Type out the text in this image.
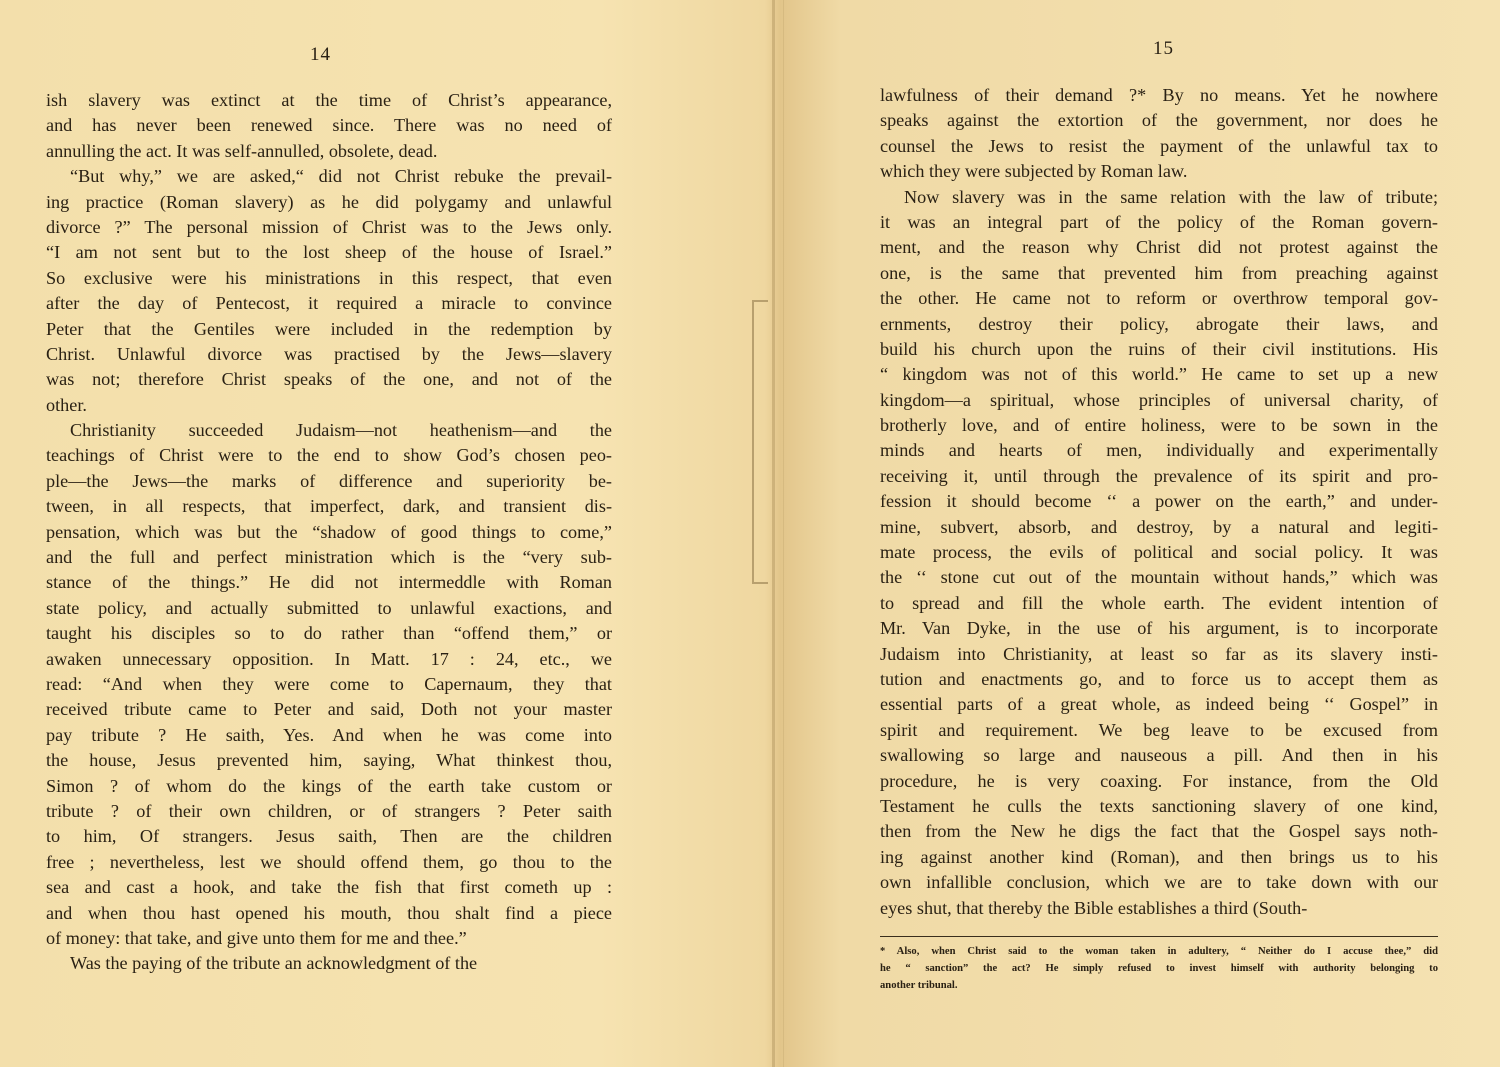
14
ish slavery was extinct at the time of Christ’s appearance,
and has never been renewed since. There was no need of
annulling the act. It was self-annulled, obsolete, dead.
“But why,” we are asked,“ did not Christ rebuke the prevail-
ing practice (Roman slavery) as he did polygamy and unlawful
divorce ?” The personal mission of Christ was to the Jews only.
“I am not sent but to the lost sheep of the house of Israel.”
So exclusive were his ministrations in this respect, that even
after the day of Pentecost, it required a miracle to convince
Peter that the Gentiles were included in the redemption by
Christ. Unlawful divorce was practised by the Jews—slavery
was not; therefore Christ speaks of the one, and not of the
other.
Christianity succeeded Judaism—not heathenism—and the
teachings of Christ were to the end to show God’s chosen peo-
ple—the Jews—the marks of difference and superiority be-
tween, in all respects, that imperfect, dark, and transient dis-
pensation, which was but the “shadow of good things to come,”
and the full and perfect ministration which is the “very sub-
stance of the things.” He did not intermeddle with Roman
state policy, and actually submitted to unlawful exactions, and
taught his disciples so to do rather than “offend them,” or
awaken unnecessary opposition. In Matt. 17 : 24, etc., we
read: “And when they were come to Capernaum, they that
received tribute came to Peter and said, Doth not your master
pay tribute ? He saith, Yes. And when he was come into
the house, Jesus prevented him, saying, What thinkest thou,
Simon ? of whom do the kings of the earth take custom or
tribute ? of their own children, or of strangers ? Peter saith
to him, Of strangers. Jesus saith, Then are the children
free ; nevertheless, lest we should offend them, go thou to the
sea and cast a hook, and take the fish that first cometh up :
and when thou hast opened his mouth, thou shalt find a piece
of money: that take, and give unto them for me and thee.”
Was the paying of the tribute an acknowledgment of the
15
lawfulness of their demand ?* By no means. Yet he nowhere
speaks against the extortion of the government, nor does he
counsel the Jews to resist the payment of the unlawful tax to
which they were subjected by Roman law.
Now slavery was in the same relation with the law of tribute;
it was an integral part of the policy of the Roman govern-
ment, and the reason why Christ did not protest against the
one, is the same that prevented him from preaching against
the other. He came not to reform or overthrow temporal gov-
ernments, destroy their policy, abrogate their laws, and
build his church upon the ruins of their civil institutions. His
“ kingdom was not of this world.” He came to set up a new
kingdom—a spiritual, whose principles of universal charity, of
brotherly love, and of entire holiness, were to be sown in the
minds and hearts of men, individually and experimentally
receiving it, until through the prevalence of its spirit and pro-
fession it should become ‘‘ a power on the earth,” and under-
mine, subvert, absorb, and destroy, by a natural and legiti-
mate process, the evils of political and social policy. It was
the ‘‘ stone cut out of the mountain without hands,” which was
to spread and fill the whole earth. The evident intention of
Mr. Van Dyke, in the use of his argument, is to incorporate
Judaism into Christianity, at least so far as its slavery insti-
tution and enactments go, and to force us to accept them as
essential parts of a great whole, as indeed being ‘‘ Gospel” in
spirit and requirement. We beg leave to be excused from
swallowing so large and nauseous a pill. And then in his
procedure, he is very coaxing. For instance, from the Old
Testament he culls the texts sanctioning slavery of one kind,
then from the New he digs the fact that the Gospel says noth-
ing against another kind (Roman), and then brings us to his
own infallible conclusion, which we are to take down with our
eyes shut, that thereby the Bible establishes a third (South-
* Also, when Christ said to the woman taken in adultery, “ Neither do I accuse thee,” did
he “ sanction” the act? He simply refused to invest himself with authority belonging to
another tribunal.
